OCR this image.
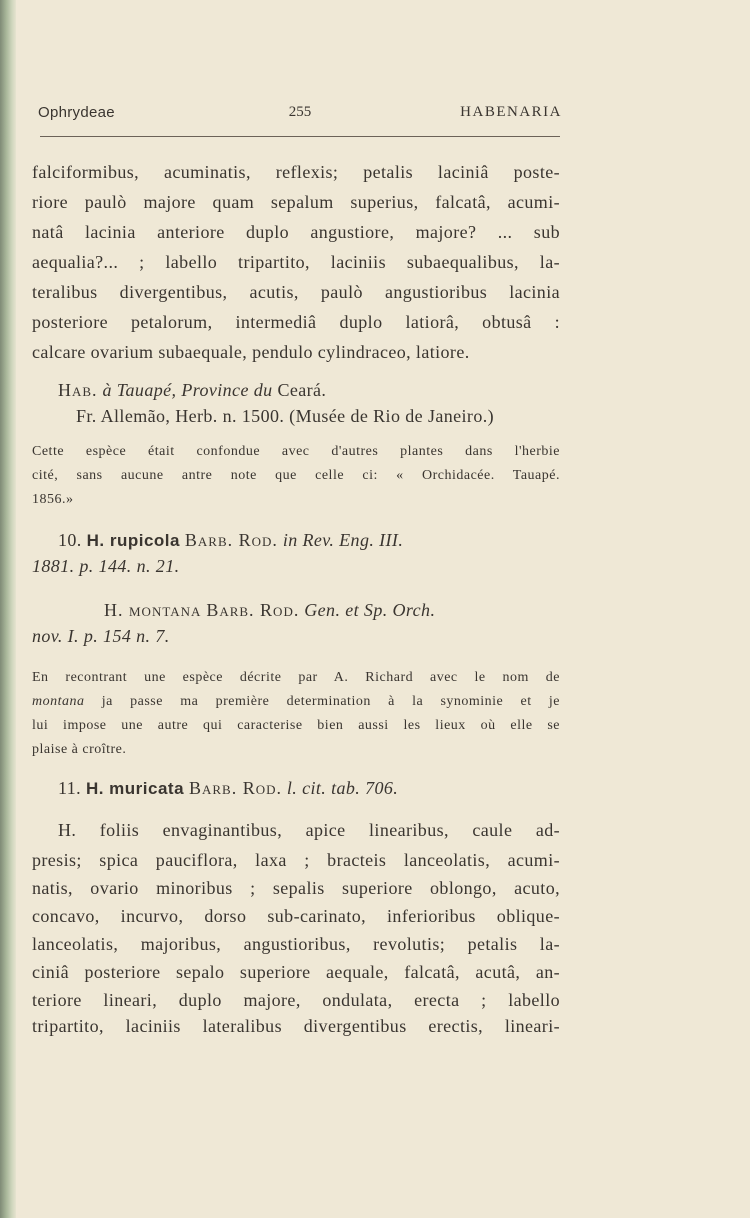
Ophrydeae	255	HABENARIA
falciformibus, acuminatis, reflexis; petalis laciniâ poste-
riore paulò majore quam sepalum superius, falcatâ, acumi-
natâ lacinia anteriore duplo angustiore, majore? ... sub
aequalia?... ; labello tripartito, laciniis subaequalibus, la-
teralibus divergentibus, acutis, paulò angustioribus lacinia
posteriore petalorum, intermediâ duplo latiorâ, obtusâ :
calcare ovarium subaequale, pendulo cylindraceo, latiore.
Hab. à Tauapé, Province du Ceará.
Fr. Allemão, Herb. n. 1500. (Musée de Rio de Janeiro.)
Cette espèce était confondue avec d'autres plantes dans l'herbie
cité, sans aucune antre note que celle ci: « Orchidacée. Tauapé.
1856.»
10. H. rupicola Barb. Rod. in Rev. Eng. III.
1881. p. 144. n. 21.
H. montana Barb. Rod. Gen. et Sp. Orch.
nov. I. p. 154 n. 7.
En recontrant une espèce décrite par A. Richard avec le nom de
montana ja passe ma première determination à la synominie et je
lui impose une autre qui caracterise bien aussi les lieux où elle se
plaise à croître.
11. H. muricata Barb. Rod. l. cit. tab. 706.
H. foliis envaginantibus, apice linearibus, caule ad-
presis; spica pauciflora, laxa ; bracteis lanceolatis, acumi-
natis, ovario minoribus ; sepalis superiore oblongo, acuto,
concavo, incurvo, dorso sub-carinato, inferioribus oblique-
lanceolatis, majoribus, angustioribus, revolutis; petalis la-
ciniâ posteriore sepalo superiore aequale, falcatâ, acutâ, an-
teriore lineari, duplo majore, ondulata, erecta ; labello
tripartito, laciniis lateralibus divergentibus erectis, lineari-
